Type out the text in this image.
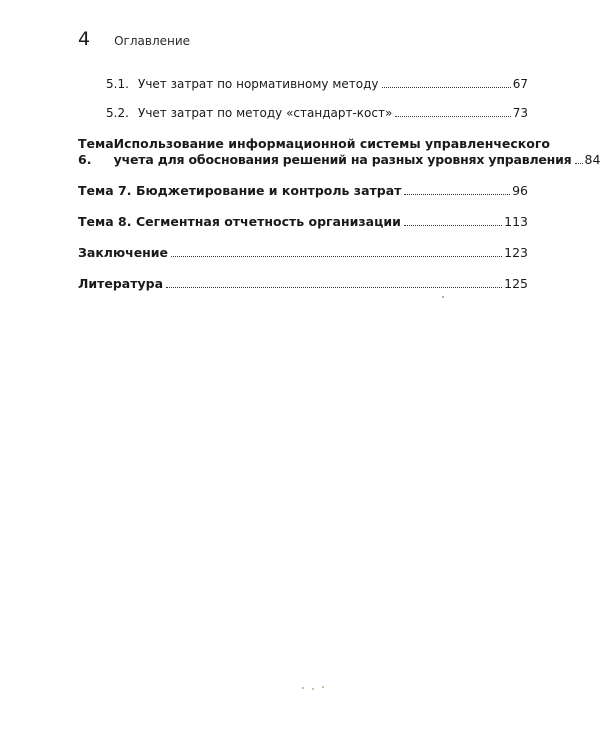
4 Оглавление
5.1. Учет затрат по нормативному методу	67
5.2. Учет затрат по методу «стандарт-кост»	73
Тема 6.
Использование информационной системы управленческого
учета для обоснования решений на разных уровнях управления 84
Тема 7. Бюджетирование и контроль затрат	96
Тема 8. Сегментная отчетность организации	113
Заключение	123
Литература	125
